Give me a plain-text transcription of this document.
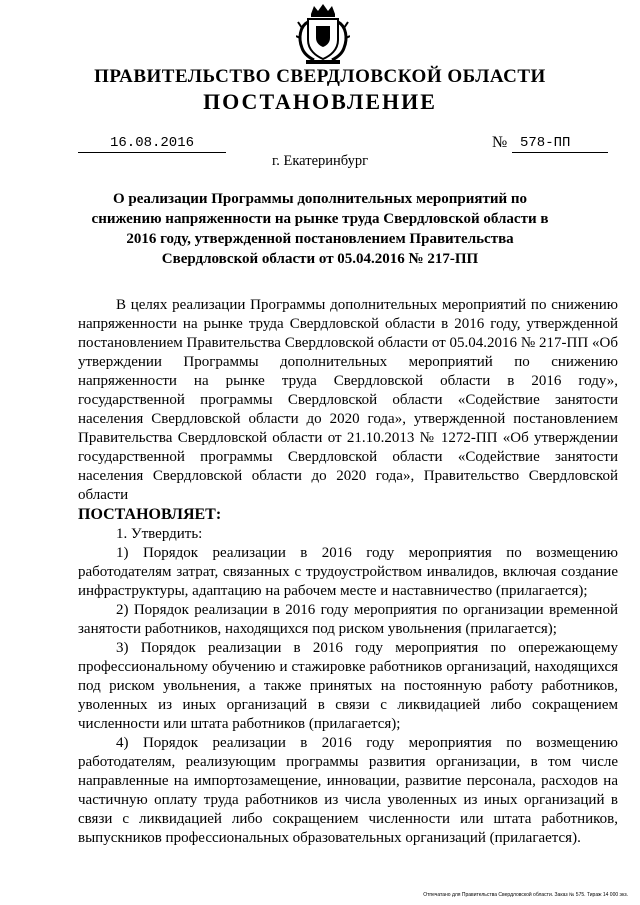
ПРАВИТЕЛЬСТВО СВЕРДЛОВСКОЙ ОБЛАСТИ
ПОСТАНОВЛЕНИЕ
16.08.2016	№ 578-ПП
г. Екатеринбург
О реализации Программы дополнительных мероприятий по снижению напряженности на рынке труда Свердловской области в 2016 году, утвержденной постановлением Правительства Свердловской области от 05.04.2016 № 217-ПП

В целях реализации Программы дополнительных мероприятий по снижению напряженности на рынке труда Свердловской области в 2016 году, утвержденной постановлением Правительства Свердловской области от 05.04.2016 № 217-ПП «Об утверждении Программы дополнительных мероприятий по снижению напряженности на рынке труда Свердловской области в 2016 году», государственной программы Свердловской области «Содействие занятости населения Свердловской области до 2020 года», утвержденной постановлением Правительства Свердловской области от 21.10.2013 № 1272-ПП «Об утверждении государственной программы Свердловской области «Содействие занятости населения Свердловской области до 2020 года», Правительство Свердловской области

ПОСТАНОВЛЯЕТ:

1. Утвердить:

1) Порядок реализации в 2016 году мероприятия по возмещению работодателям затрат, связанных с трудоустройством инвалидов, включая создание инфраструктуры, адаптацию на рабочем месте и наставничество (прилагается);

2) Порядок реализации в 2016 году мероприятия по организации временной занятости работников, находящихся под риском увольнения (прилагается);

3) Порядок реализации в 2016 году мероприятия по опережающему профессиональному обучению и стажировке работников организаций, находящихся под риском увольнения, а также принятых на постоянную работу работников, уволенных из иных организаций в связи с ликвидацией либо сокращением численности или штата работников (прилагается);

4) Порядок реализации в 2016 году мероприятия по возмещению работодателям, реализующим программы развития организации, в том числе направленные на импортозамещение, инновации, развитие персонала, расходов на частичную оплату труда работников из числа уволенных из иных организаций в связи с ликвидацией либо сокращением численности или штата работников, выпускников профессиональных образовательных организаций (прилагается).

Отпечатано для Правительства Свердловской области. Заказ № 575. Тираж 14 000 экз.
